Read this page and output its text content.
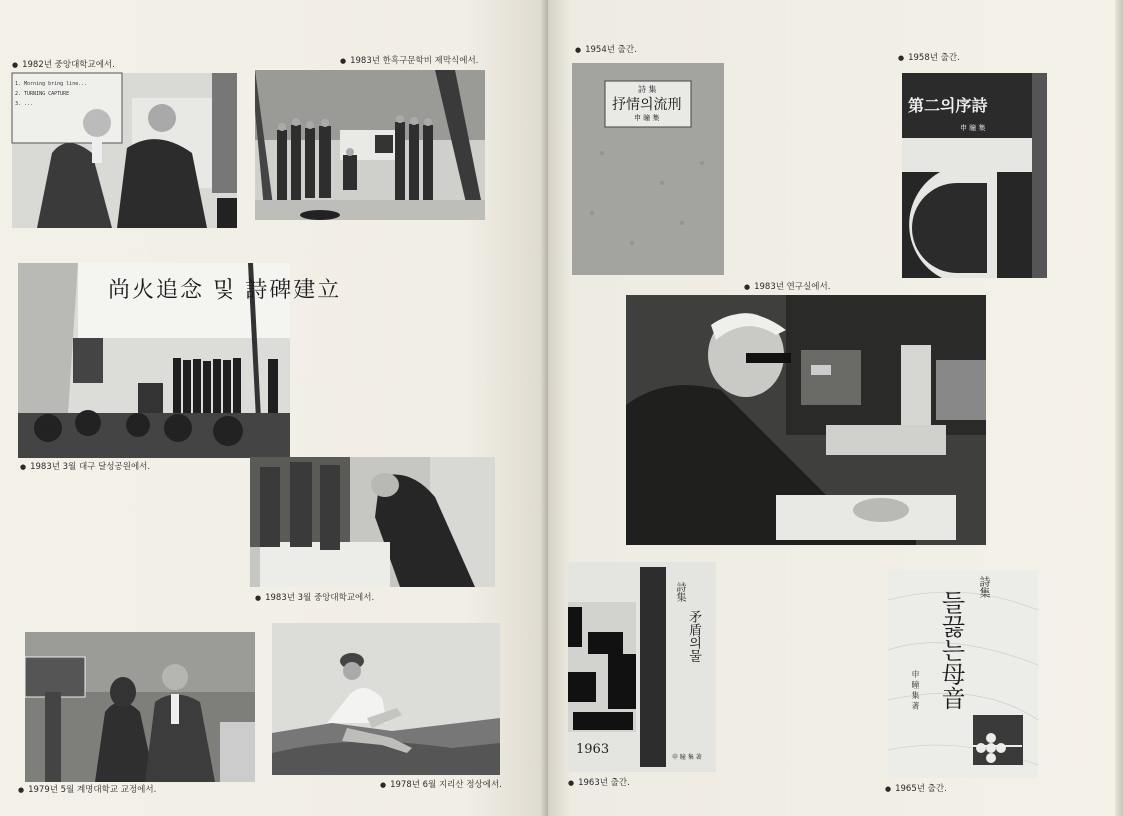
● 1982년 중앙대학교에서.
1. Morning bring line...
2. TURNING CAPTURE
3. ...
● 1983년 한흑구문학비 제막식에서.
尚火追念 및 詩碑建立
● 1983년 3월 대구 달성공원에서.
● 1983년 3월 중앙대학교에서.
● 1979년 5월 계명대학교 교정에서.	● 1978년 6월 지리산 정상에서.
● 1954년 출간.
詩 集
抒情의流刑
申 瞳 集
● 1958년 출간.
第二의序詩
申 瞳 集
● 1983년 연구실에서.
詩集
矛盾의물
1963
申 瞳 集 著
● 1963년 출간.
詩集
들끓는母音
申 瞳 集 著
● 1965년 출간.
